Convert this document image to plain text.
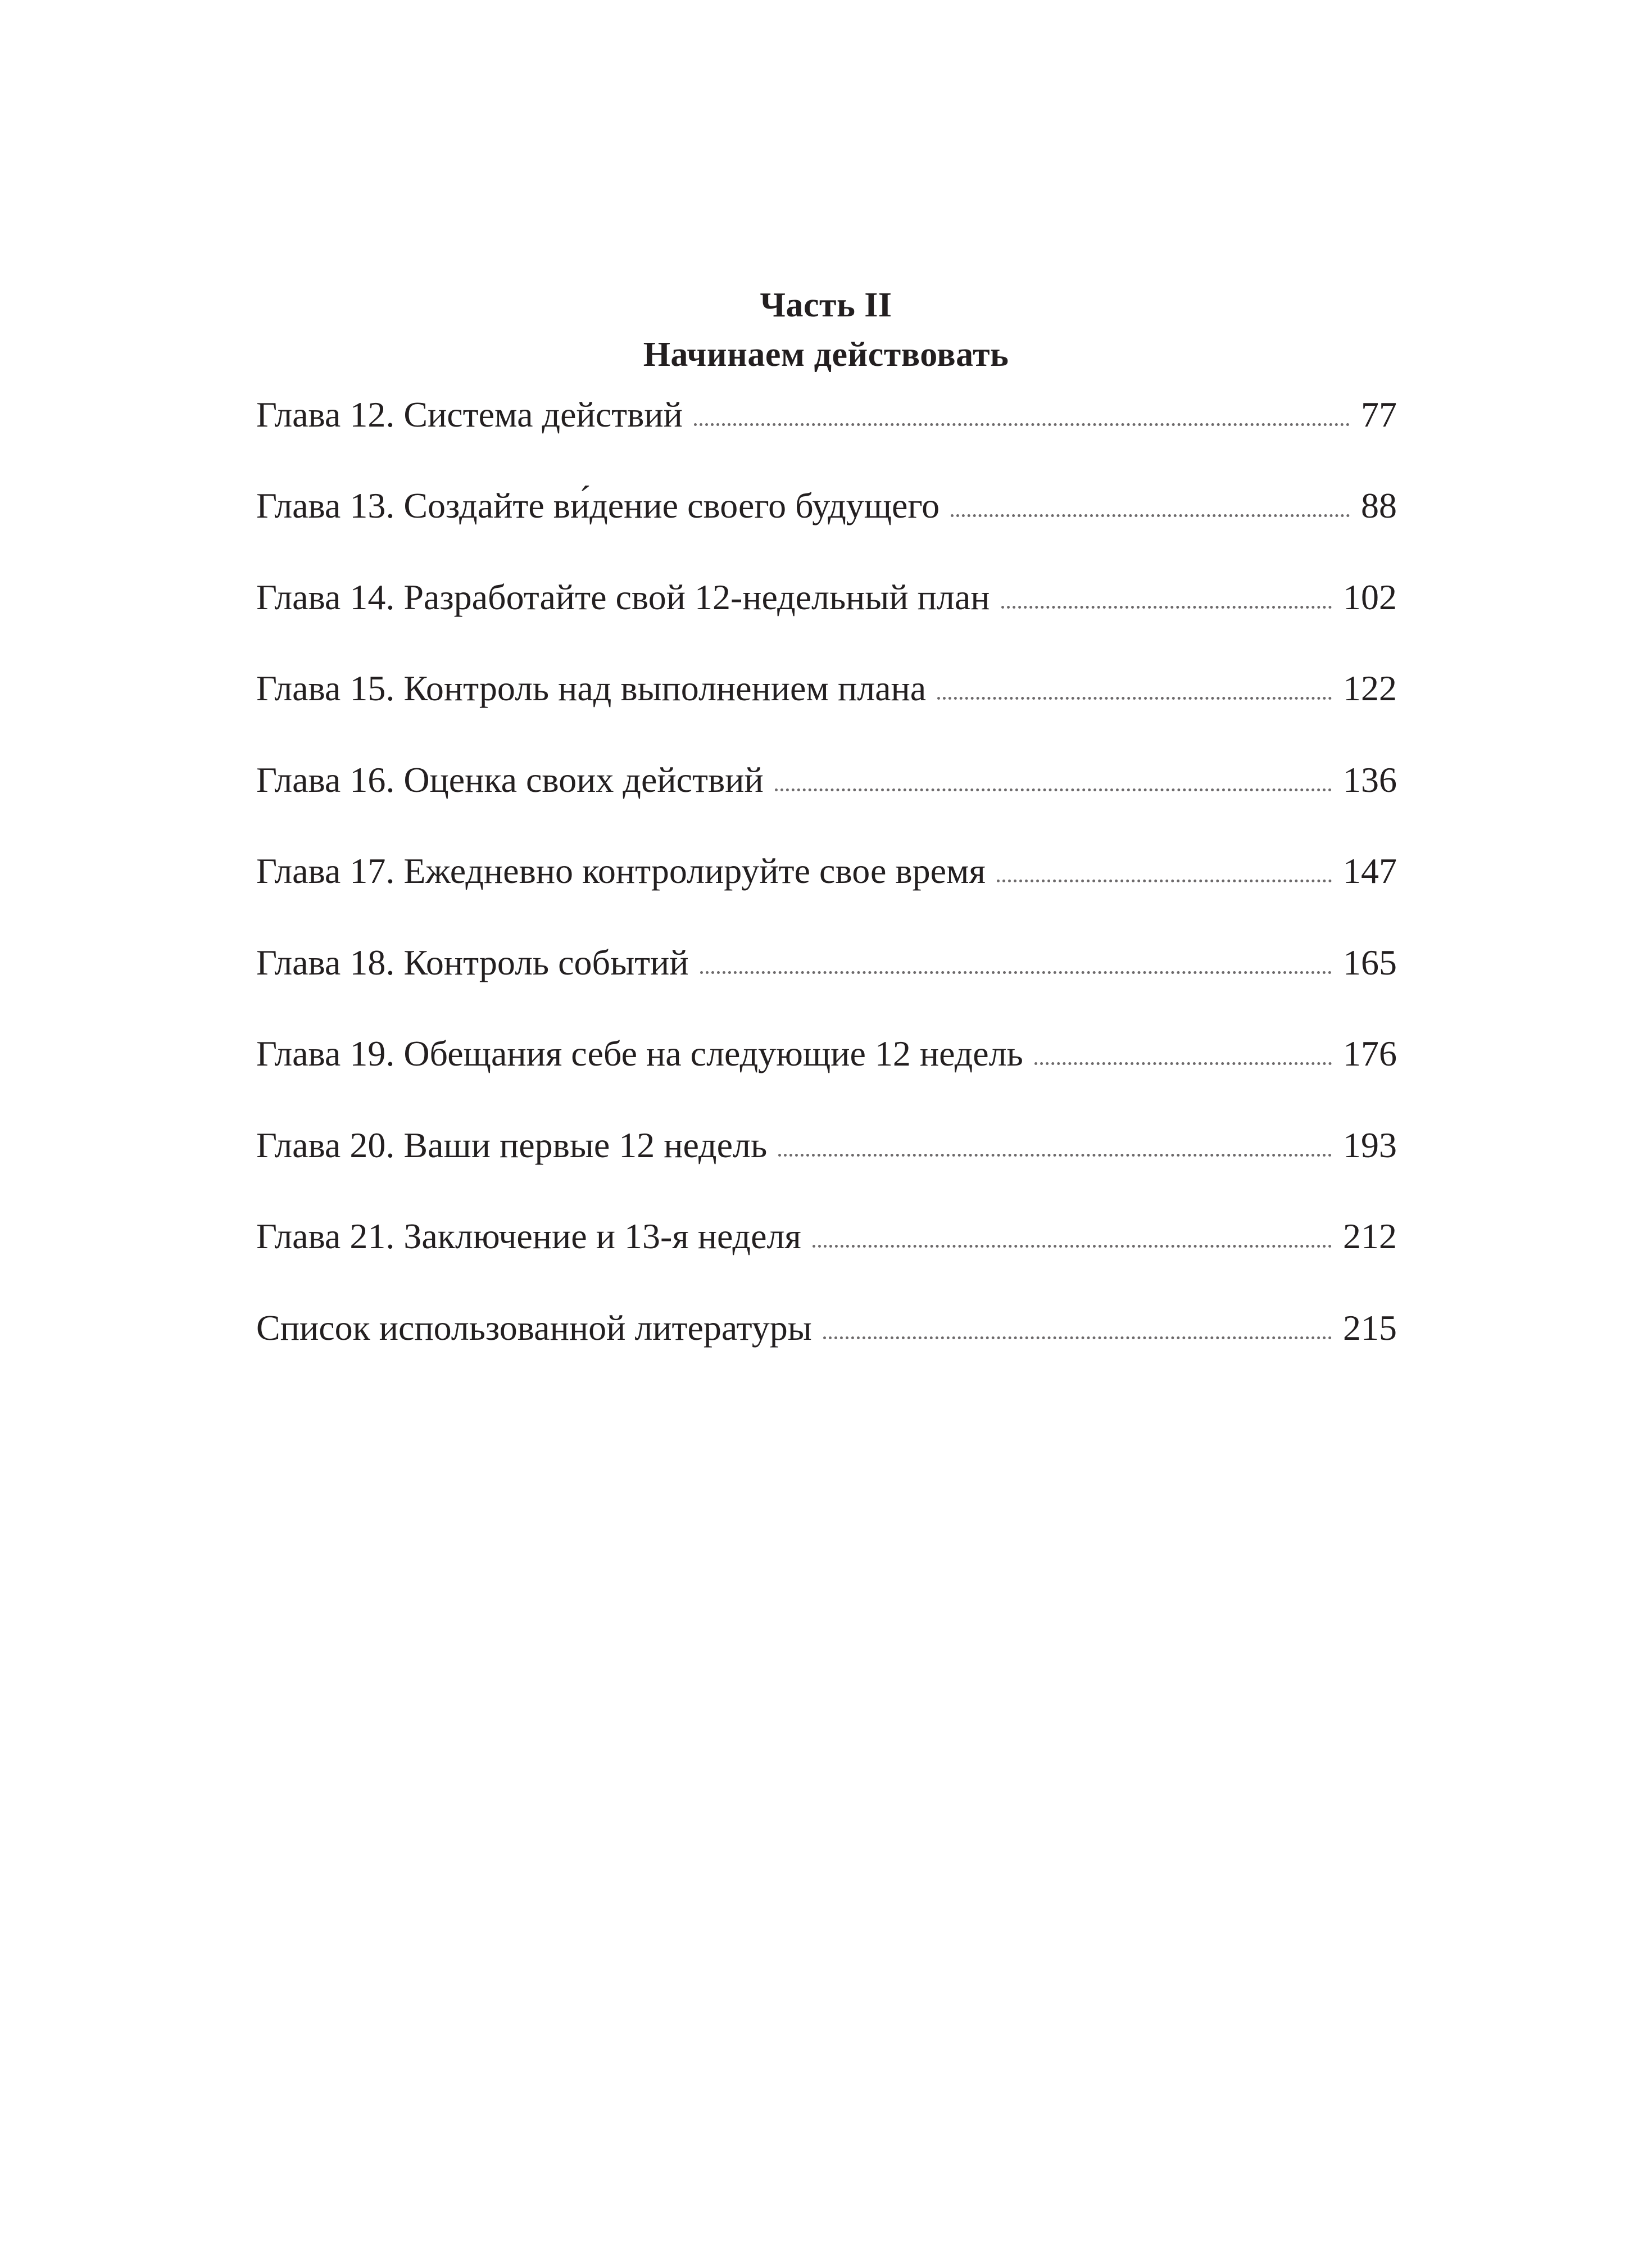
Часть II
Начинаем действовать
Глава 12. Система действий	77
Глава 13. Создайте ви́дение своего будущего	88
Глава 14. Разработайте свой 12-недельный план	102
Глава 15. Контроль над выполнением плана	122
Глава 16. Оценка своих действий	136
Глава 17. Ежедневно контролируйте свое время	147
Глава 18. Контроль событий	165
Глава 19. Обещания себе на следующие 12 недель	176
Глава 20. Ваши первые 12 недель	193
Глава 21. Заключение и 13-я неделя	212
Список использованной литературы	215
